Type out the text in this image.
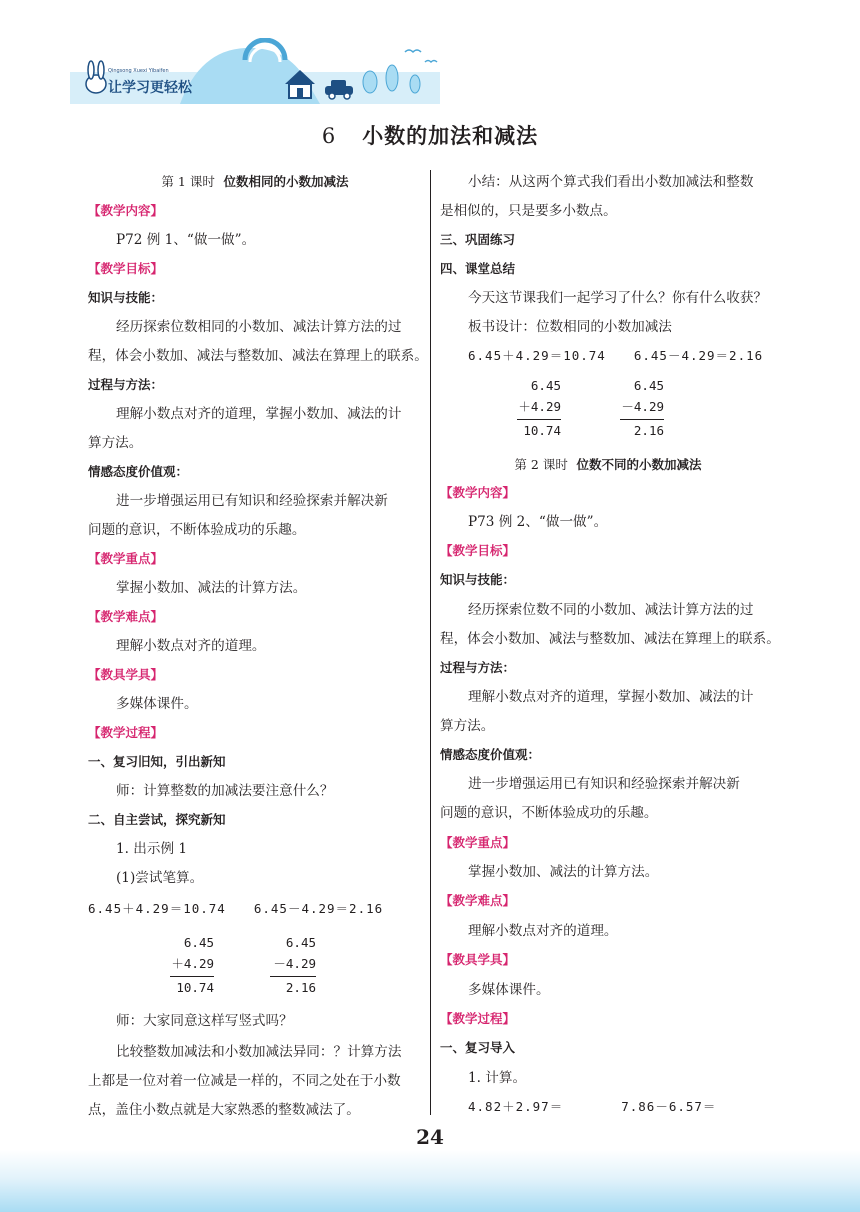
Qingsong Xuexi Yibaifen
让学习更轻松
6 小数的加法和减法
第 1 课时 位数相同的小数加减法
【教学内容】
P72 例 1、“做一做”。
【教学目标】
知识与技能：
经历探索位数相同的小数加、减法计算方法的过
程，体会小数加、减法与整数加、减法在算理上的联系。
过程与方法：
理解小数点对齐的道理，掌握小数加、减法的计
算方法。
情感态度价值观：
进一步增强运用已有知识和经验探索并解决新
问题的意识，不断体验成功的乐趣。
【教学重点】
掌握小数加、减法的计算方法。
【教学难点】
理解小数点对齐的道理。
【教具学具】
多媒体课件。
【教学过程】
一、复习旧知，引出新知
师：计算整数的加减法要注意什么？
二、自主尝试，探究新知
1. 出示例 1
(1)尝试笔算。
6.45＋4.29＝10.74 6.45－4.29＝2.16
6.45
＋4.29
10.74
6.45
－4.29
2.16
师：大家同意这样写竖式吗？
比较整数加减法和小数加减法异同：？计算方法
上都是一位对着一位减是一样的，不同之处在于小数
点，盖住小数点就是大家熟悉的整数减法了。
小结：从这两个算式我们看出小数加减法和整数
是相似的，只是要多小数点。
三、巩固练习
四、课堂总结
今天这节课我们一起学习了什么？你有什么收获？
板书设计：位数相同的小数加减法
6.45＋4.29＝10.74 6.45－4.29＝2.16
6.45
＋4.29
10.74
6.45
－4.29
2.16
第 2 课时 位数不同的小数加减法
【教学内容】
P73 例 2、“做一做”。
【教学目标】
知识与技能：
经历探索位数不同的小数加、减法计算方法的过
程，体会小数加、减法与整数加、减法在算理上的联系。
过程与方法：
理解小数点对齐的道理，掌握小数加、减法的计
算方法。
情感态度价值观：
进一步增强运用已有知识和经验探索并解决新
问题的意识，不断体验成功的乐趣。
【教学重点】
掌握小数加、减法的计算方法。
【教学难点】
理解小数点对齐的道理。
【教具学具】
多媒体课件。
【教学过程】
一、复习导入
1. 计算。
4.82＋2.97＝	7.86－6.57＝
24
